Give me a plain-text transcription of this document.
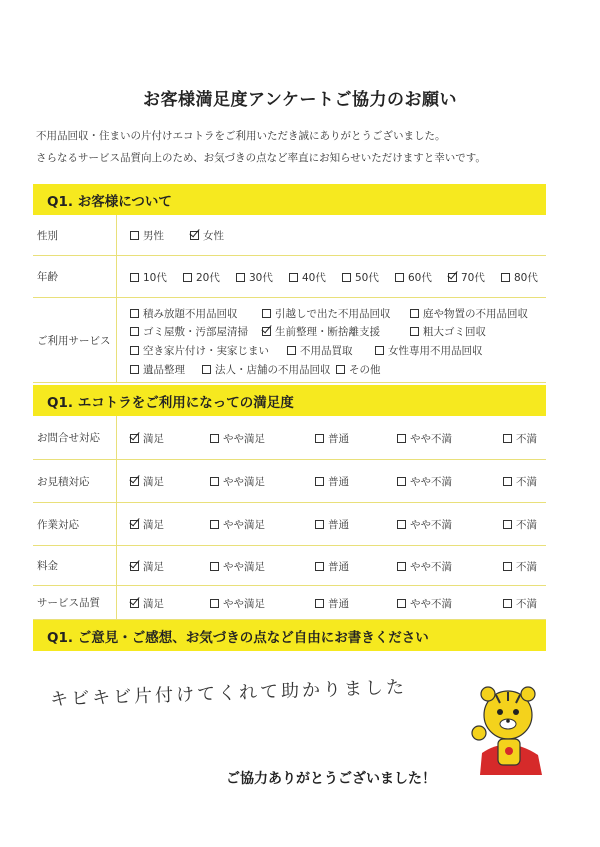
お客様満足度アンケートご協力のお願い
不用品回収・住まいの片付けエコトラをご利用いただき誠にありがとうございました。
さらなるサービス品質向上のため、お気づきの点など率直にお知らせいただけますと幸いです。
Q1. お客様について
性別	男性	女性
年齢	10代	20代	30代	40代	50代	60代	70代	80代
ご利用サービス
積み放題不用品回収	引越しで出た不用品回収	庭や物置の不用品回収
ゴミ屋敷・汚部屋清掃	生前整理・断捨離支援	粗大ゴミ回収
空き家片付け・実家じまい	不用品買取	女性専用不用品回収
遺品整理	法人・店舗の不用品回収 その他
Q1. エコトラをご利用になっての満足度
お問合せ対応	満足	やや満足	普通	やや不満	不満
お見積対応	満足	やや満足	普通	やや不満	不満
作業対応	満足	やや満足	普通	やや不満	不満
料金	満足	やや満足	普通	やや不満	不満
サービス品質	満足	やや満足	普通	やや不満	不満
Q1. ご意見・ご感想、お気づきの点など自由にお書きください
キビキビ片付けてくれて助かりました
ご協力ありがとうございました！
